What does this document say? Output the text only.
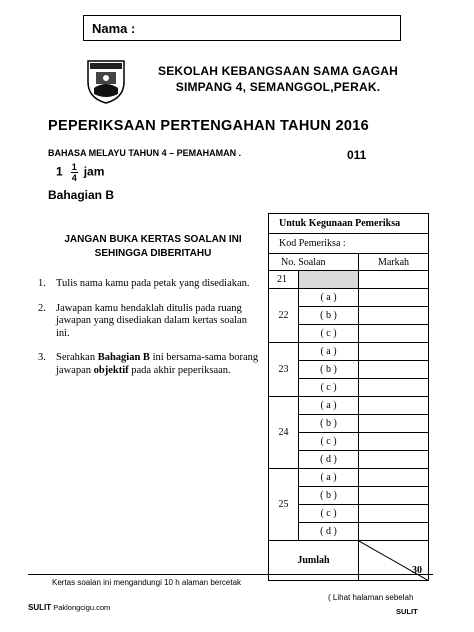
Nama :
SEKOLAH KEBANGSAAN SAMA GAGAH
SIMPANG 4, SEMANGGOL,PERAK.
PEPERIKSAAN PERTENGAHAN TAHUN 2016
BAHASA MELAYU TAHUN 4 – PEMAHAMAN .	011
$1 \frac{1}{4}$ jam
Bahagian B
JANGAN BUKA KERTAS SOALAN INI
SEHINGGA DIBERITAHU
1. Tulis nama kamu pada petak yang disediakan.
2. Jawapan kamu hendaklah ditulis pada ruang jawapan yang disediakan dalam kertas soalan ini.
3. Serahkan Bahagian B ini bersama-sama borang jawapan objektif pada akhir peperiksaan.
Untuk Kegunaan Pemeriksa		
Kod Pemeriksa :		
No. Soalan		Markah
21		
22	( a )	
	( b )	
	( c )	
23	( a )	
	( b )	
	( c )	
24	( a )	
	( b )	
	( c )	
	( d )	
25	( a )	
	( b )	
	( c )	
	( d )	
Jumlah		30
Kertas soalan ini mengandungi 10 h alaman bercetak
( Lihat halaman sebelah
SULIT Paklongcigu.com	SULIT
